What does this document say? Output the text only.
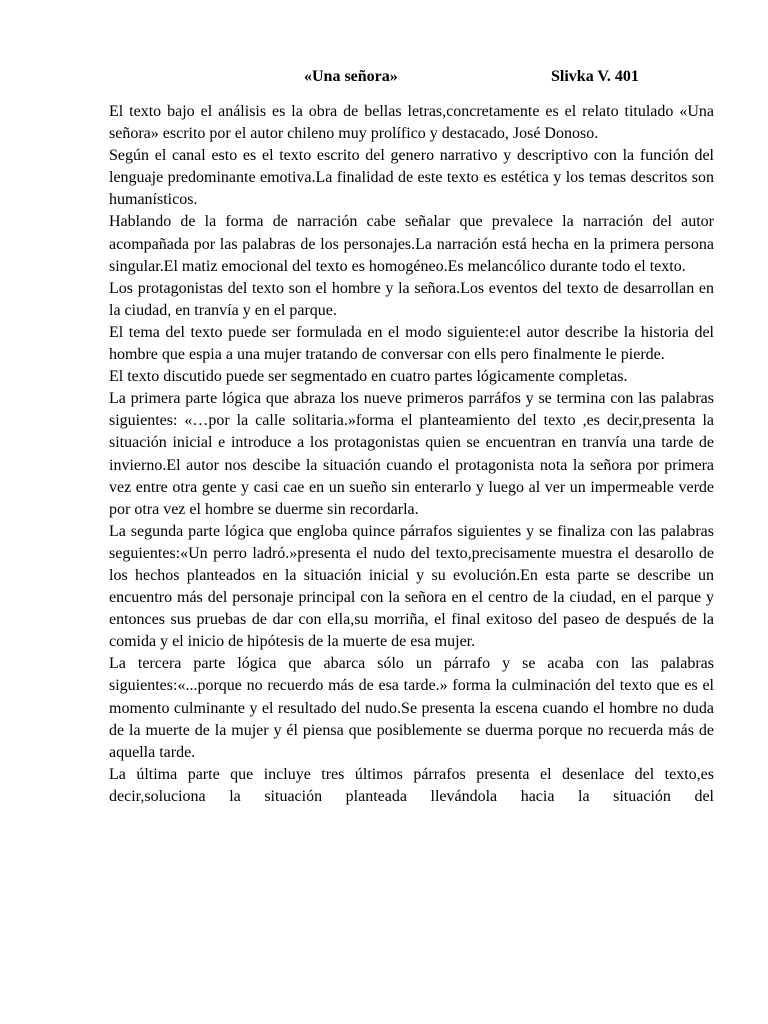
«Una señora»	Slivka V. 401

El texto bajo el análisis es la obra de bellas letras,concretamente es el relato titulado «Una señora» escrito por el autor chileno muy prolífico y destacado, José Donoso.

Según el canal esto es el texto escrito del genero narrativo y descriptivo con la función del lenguaje predominante emotiva.La finalidad de este texto es estética y los temas descritos son humanísticos.

Hablando de la forma de narración cabe señalar que prevalece la narración del autor acompañada por las palabras de los personajes.La narración está hecha en la primera persona singular.El matiz emocional del texto es homogéneo.Es melancólico durante todo el texto.

Los protagonistas del texto son el hombre y la señora.Los eventos del texto de desarrollan en la ciudad, en tranvía y en el parque.

El tema del texto puede ser formulada en el modo siguiente:el autor describe la historia del hombre que espia a una mujer tratando de conversar con ells pero finalmente le pierde.

El texto discutido puede ser segmentado en cuatro partes lógicamente completas.

La primera parte lógica que abraza los nueve primeros parráfos y se termina con las palabras siguientes: «…por la calle solitaria.»forma el planteamiento del texto ,es decir,presenta la situación inicial e introduce a los protagonistas quien se encuentran en tranvía una tarde de invierno.El autor nos descibe la situación cuando el protagonista nota la señora por primera vez entre otra gente y casi cae en un sueño sin enterarlo y luego al ver un impermeable verde por otra vez el hombre se duerme sin recordarla.

La segunda parte lógica que engloba quince párrafos siguientes y se finaliza con las palabras seguientes:«Un perro ladró.»presenta el nudo del texto,precisamente muestra el desarollo de los hechos planteados en la situación inicial y su evolución.En esta parte se describe un encuentro más del personaje principal con la señora en el centro de la ciudad, en el parque y entonces sus pruebas de dar con ella,su morriña, el final exitoso del paseo de después de la comida y el inicio de hipótesis de la muerte de esa mujer.

La tercera parte lógica que abarca sólo un párrafo y se acaba con las palabras siguientes:«...porque no recuerdo más de esa tarde.» forma la culminación del texto que es el momento culminante y el resultado del nudo.Se presenta la escena cuando el hombre no duda de la muerte de la mujer y él piensa que posiblemente se duerma porque no recuerda más de aquella tarde.

La última parte que incluye tres últimos párrafos presenta el desenlace del texto,es decir,soluciona la situación planteada llevándola hacia la situación del
